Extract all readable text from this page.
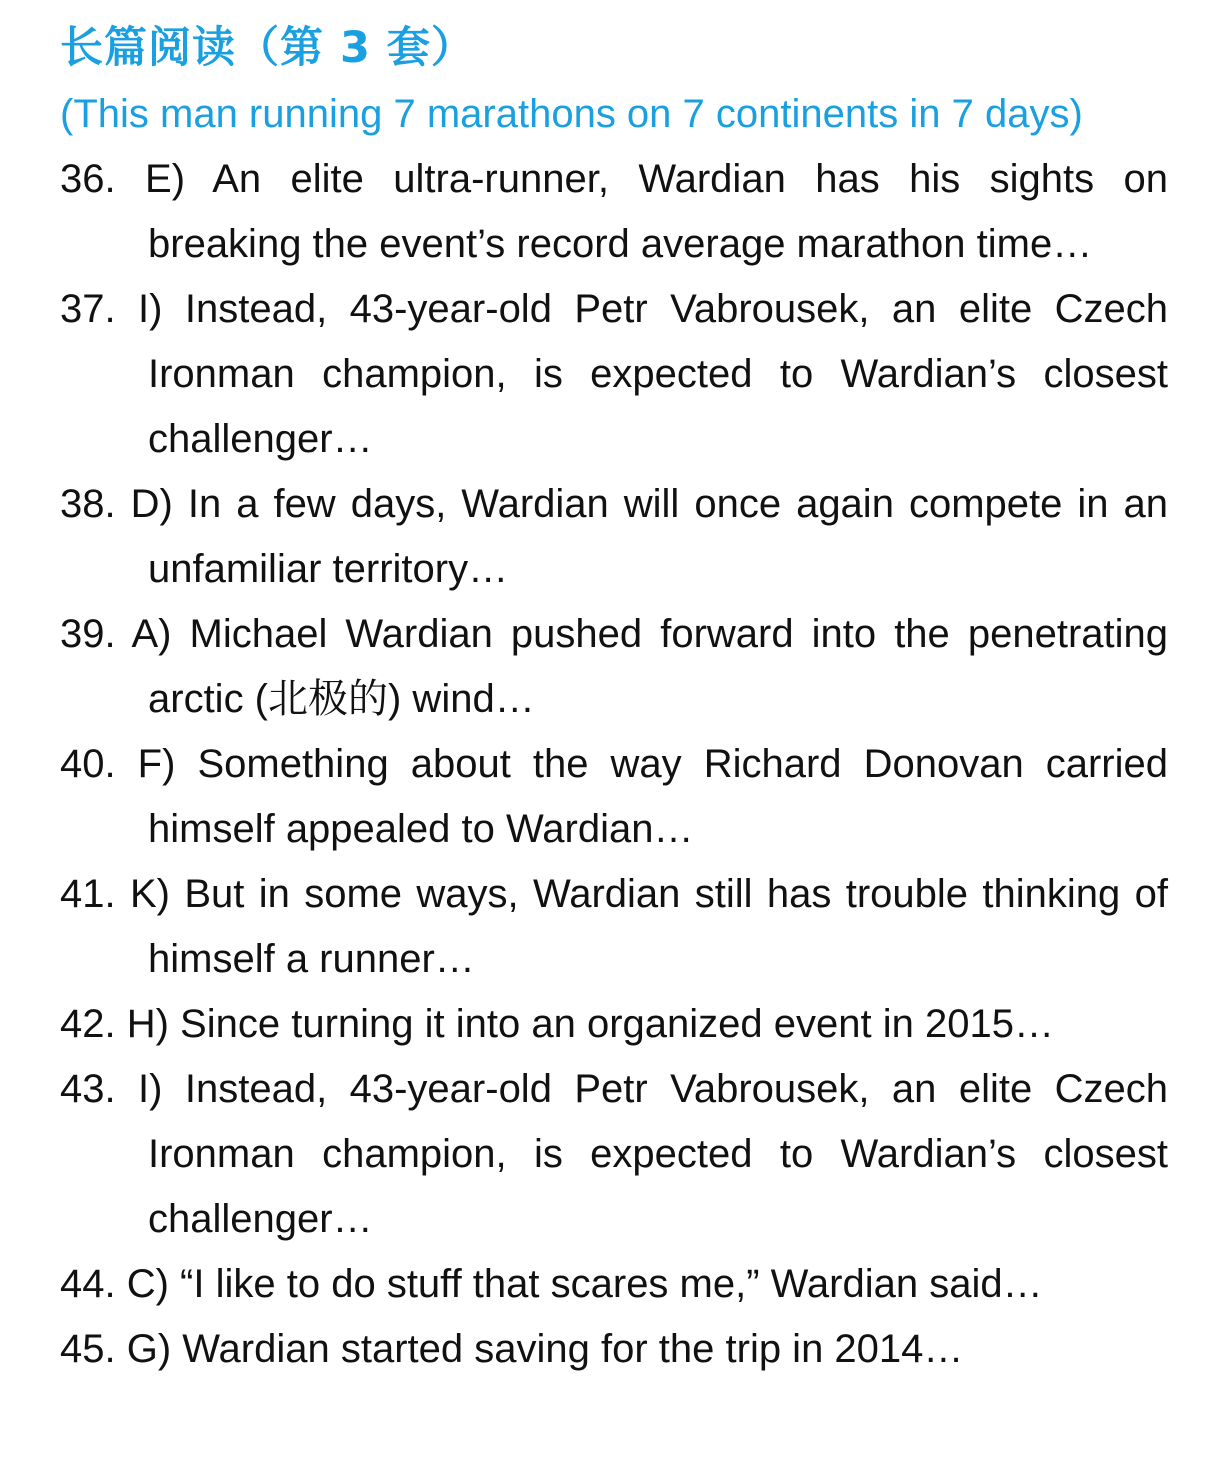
长篇阅读（第 3 套）
(This man running 7 marathons on 7 continents in 7 days)
36. E) An elite ultra-runner, Wardian has his sights on breaking the event’s record average marathon time…
37. I) Instead, 43-year-old Petr Vabrousek, an elite Czech Ironman champion, is expected to Wardian’s closest challenger…
38. D) In a few days, Wardian will once again compete in an unfamiliar territory…
39. A) Michael Wardian pushed forward into the penetrating arctic (北极的) wind…
40. F) Something about the way Richard Donovan carried himself appealed to Wardian…
41. K) But in some ways, Wardian still has trouble thinking of himself a runner…
42. H) Since turning it into an organized event in 2015…
43. I) Instead, 43-year-old Petr Vabrousek, an elite Czech Ironman champion, is expected to Wardian’s closest challenger…
44. C) “I like to do stuff that scares me,” Wardian said…
45. G) Wardian started saving for the trip in 2014…
